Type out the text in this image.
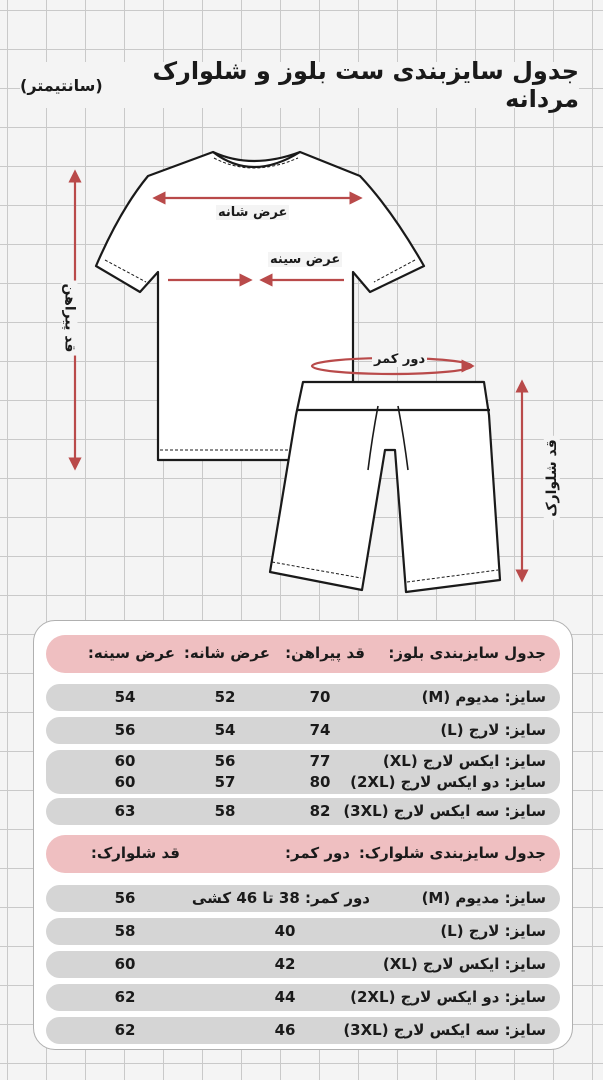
جدول سایزبندی ست بلوز و شلوارک مردانه
(سانتیمتر)
عرض شانه
عرض سینه
دور کمر
قد پیراهن
قد شلوارک
جدول سایزبندی بلوز:
قد پیراهن:
عرض شانه:
عرض سینه:
سایز: مدیوم (M)
70
52
54
سایز: لارج (L)
74
54
56
سایز: ایکس لارج (XL)
77
56
60
سایز: دو ایکس لارج (2XL)
80
57
60
سایز: سه ایکس لارج (3XL)
82
58
63
جدول سایزبندی شلوارک:
دور کمر:
قد شلوارک:
سایز: مدیوم (M)
دور کمر: 38 تا 46 کشی
56
سایز: لارج (L)
40
58
سایز: ایکس لارج (XL)
42
60
سایز: دو ایکس لارج (2XL)
44
62
سایز: سه ایکس لارج (3XL)
46
62
